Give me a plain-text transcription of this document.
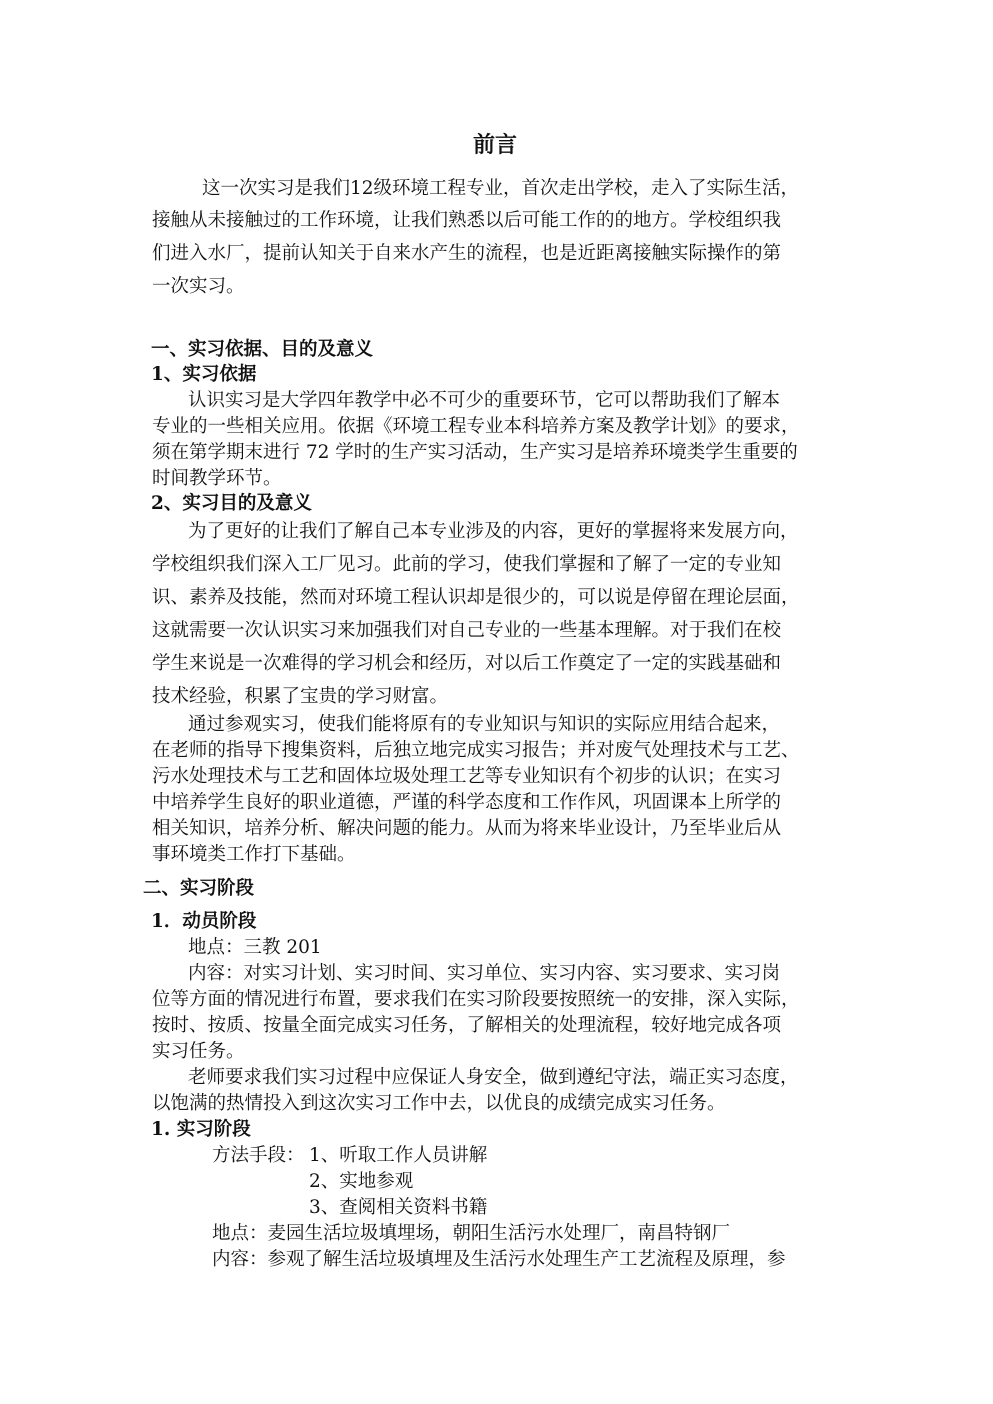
前言
这一次实习是我们12级环境工程专业，首次走出学校，走入了实际生活，
接触从未接触过的工作环境，让我们熟悉以后可能工作的的地方。学校组织我
们进入水厂，提前认知关于自来水产生的流程，也是近距离接触实际操作的第
一次实习。
一、实习依据、目的及意义
1、实习依据
认识实习是大学四年教学中必不可少的重要环节，它可以帮助我们了解本
专业的一些相关应用。依据《环境工程专业本科培养方案及教学计划》的要求，
须在第学期末进行 72 学时的生产实习活动，生产实习是培养环境类学生重要的
时间教学环节。
2、实习目的及意义
为了更好的让我们了解自己本专业涉及的内容，更好的掌握将来发展方向，
学校组织我们深入工厂见习。此前的学习，使我们掌握和了解了一定的专业知
识、素养及技能，然而对环境工程认识却是很少的，可以说是停留在理论层面，
这就需要一次认识实习来加强我们对自己专业的一些基本理解。对于我们在校
学生来说是一次难得的学习机会和经历，对以后工作奠定了一定的实践基础和
技术经验，积累了宝贵的学习财富。
通过参观实习，使我们能将原有的专业知识与知识的实际应用结合起来，
在老师的指导下搜集资料，后独立地完成实习报告；并对废气处理技术与工艺、
污水处理技术与工艺和固体垃圾处理工艺等专业知识有个初步的认识；在实习
中培养学生良好的职业道德，严谨的科学态度和工作作风，巩固课本上所学的
相关知识，培养分析、解决问题的能力。从而为将来毕业设计，乃至毕业后从
事环境类工作打下基础。
二、实习阶段
1．动员阶段
地点：三教 201
内容：对实习计划、实习时间、实习单位、实习内容、实习要求、实习岗
位等方面的情况进行布置，要求我们在实习阶段要按照统一的安排，深入实际，
按时、按质、按量全面完成实习任务，了解相关的处理流程，较好地完成各项
实习任务。
老师要求我们实习过程中应保证人身安全，做到遵纪守法，端正实习态度，
以饱满的热情投入到这次实习工作中去，以优良的成绩完成实习任务。
1. 实习阶段
方法手段： 1、听取工作人员讲解
2、实地参观
3、查阅相关资料书籍
地点：麦园生活垃圾填埋场，朝阳生活污水处理厂，南昌特钢厂
内容：参观了解生活垃圾填埋及生活污水处理生产工艺流程及原理，参
